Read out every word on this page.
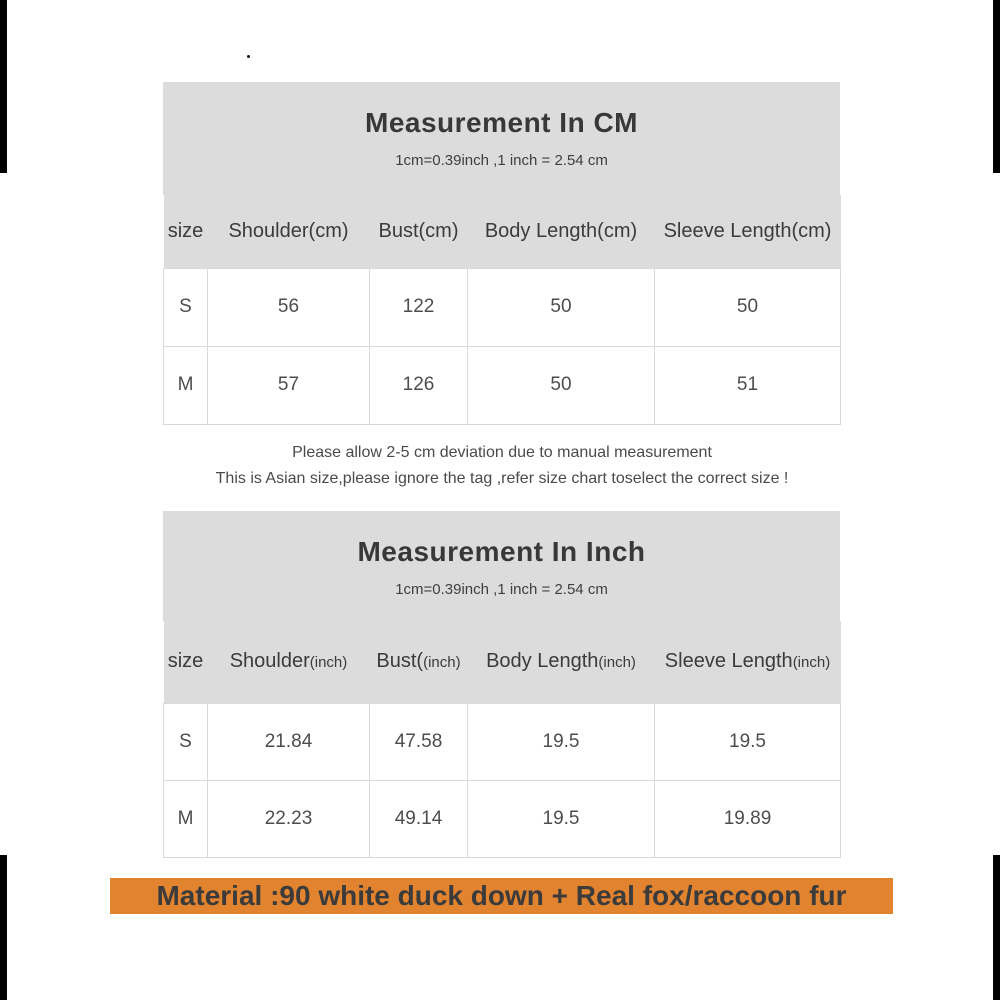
Measurement In CM
1cm=0.39inch ,1 inch = 2.54 cm
size	Shoulder(cm)	Bust(cm)	Body Length(cm)	Sleeve Length(cm)
S	56	122	50	50
M	57	126	50	51

Please allow 2-5 cm deviation due to manual measurement
This is Asian size,please ignore the tag ,refer size chart toselect the correct size !				
Measurement In Inch
1cm=0.39inch ,1 inch = 2.54 cm
size	Shoulder(inch)	Bust((inch)	Body Length(inch)	Sleeve Length(inch)
S	21.84	47.58	19.5	19.5
M	22.23	49.14	19.5	19.89
Material :90 white duck down + Real fox/raccoon fur
